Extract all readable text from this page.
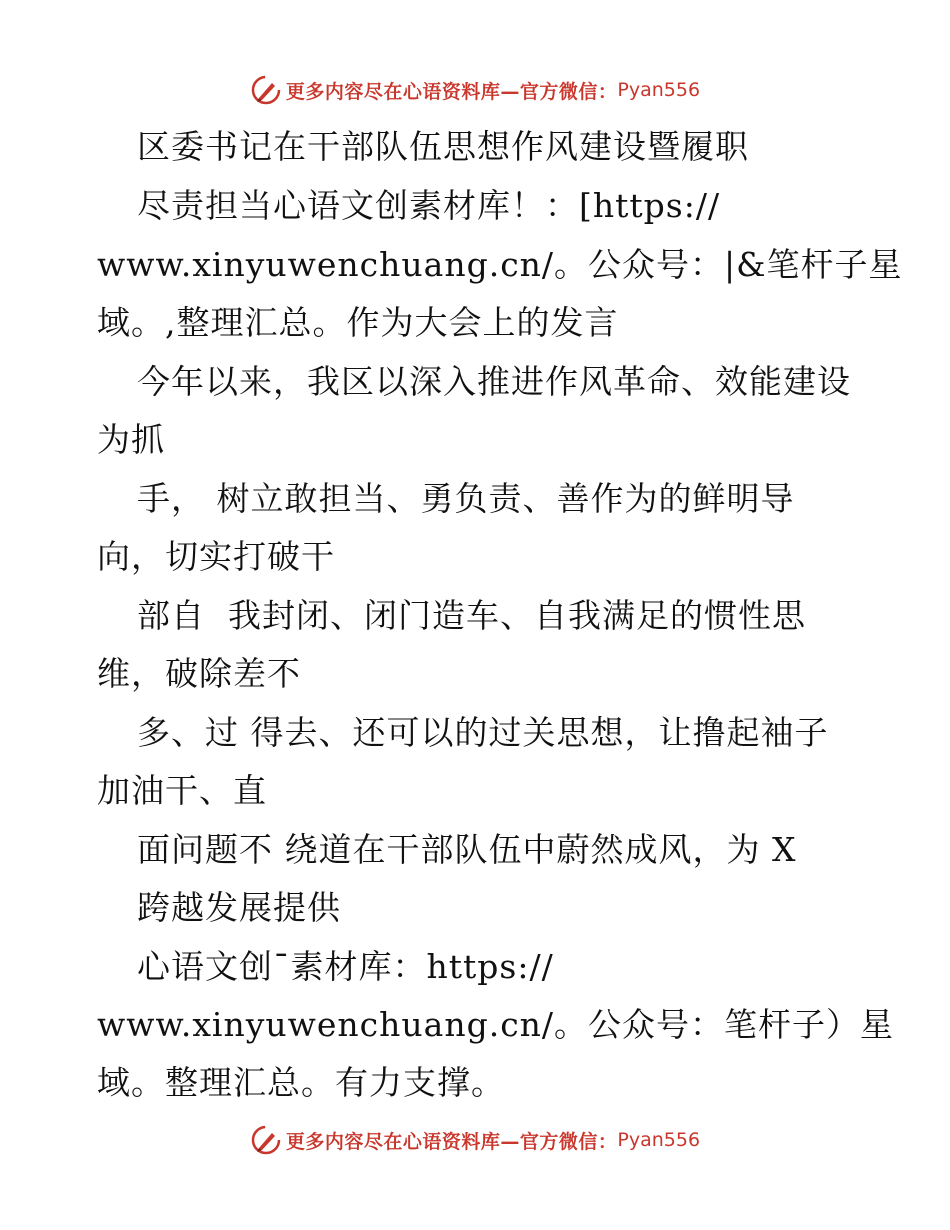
更多内容尽在心语资料库—官方微信： Pyan556
区委书记在干部队伍思想作风建设暨履职
尽责担当心语文创素材库！：[https://
www.xinyuwenchuang.cn/。公众号：|&笔杆子星
域。,整理汇总。作为大会上的发言
今年以来，我区以深入推进作风革命、效能建设
为抓
手， 树立敢担当、勇负责、善作为的鲜明导
向，切实打破干
部自  我封闭、闭门造车、自我满足的惯性思
维，破除差不
多、过 得去、还可以的过关思想，让撸起袖子
加油干、直
面问题不 绕道在干部队伍中蔚然成风，为 X
跨越发展提供
心语文创¯素材库：https://
www.xinyuwenchuang.cn/。公众号：笔杆子）星
域。整理汇总。有力支撑。
更多内容尽在心语资料库—官方微信： Pyan556
